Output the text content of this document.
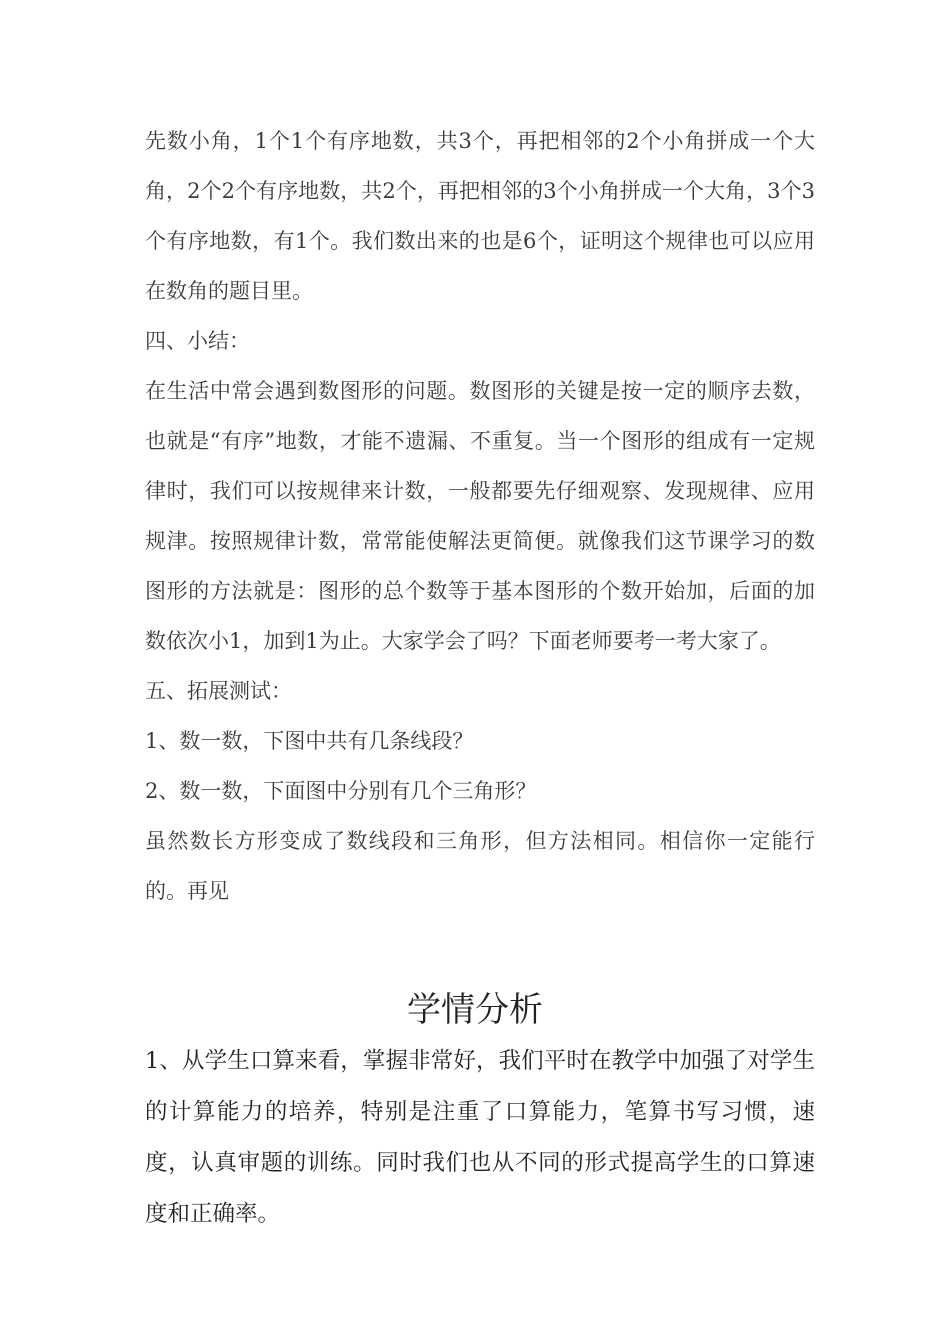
先数小角，1个1个有序地数，共3个，再把相邻的2个小角拼成一个大角，2个2个有序地数，共2个，再把相邻的3个小角拼成一个大角，3个3个有序地数，有1个。我们数出来的也是6个，证明这个规律也可以应用在数角的题目里。

四、小结：

在生活中常会遇到数图形的问题。数图形的关键是按一定的顺序去数，也就是“有序”地数，才能不遗漏、不重复。当一个图形的组成有一定规律时，我们可以按规律来计数，一般都要先仔细观察、发现规律、应用规津。按照规律计数，常常能使解法更简便。就像我们这节课学习的数图形的方法就是：图形的总个数等于基本图形的个数开始加，后面的加数依次小1，加到1为止。大家学会了吗？下面老师要考一考大家了。

五、拓展测试：

1、数一数，下图中共有几条线段？

2、数一数，下面图中分别有几个三角形？

虽然数长方形变成了数线段和三角形，但方法相同。相信你一定能行的。再见

学情分析

1、从学生口算来看，掌握非常好，我们平时在教学中加强了对学生的计算能力的培养，特别是注重了口算能力，笔算书写习惯，速度，认真审题的训练。同时我们也从不同的形式提高学生的口算速度和正确率。
